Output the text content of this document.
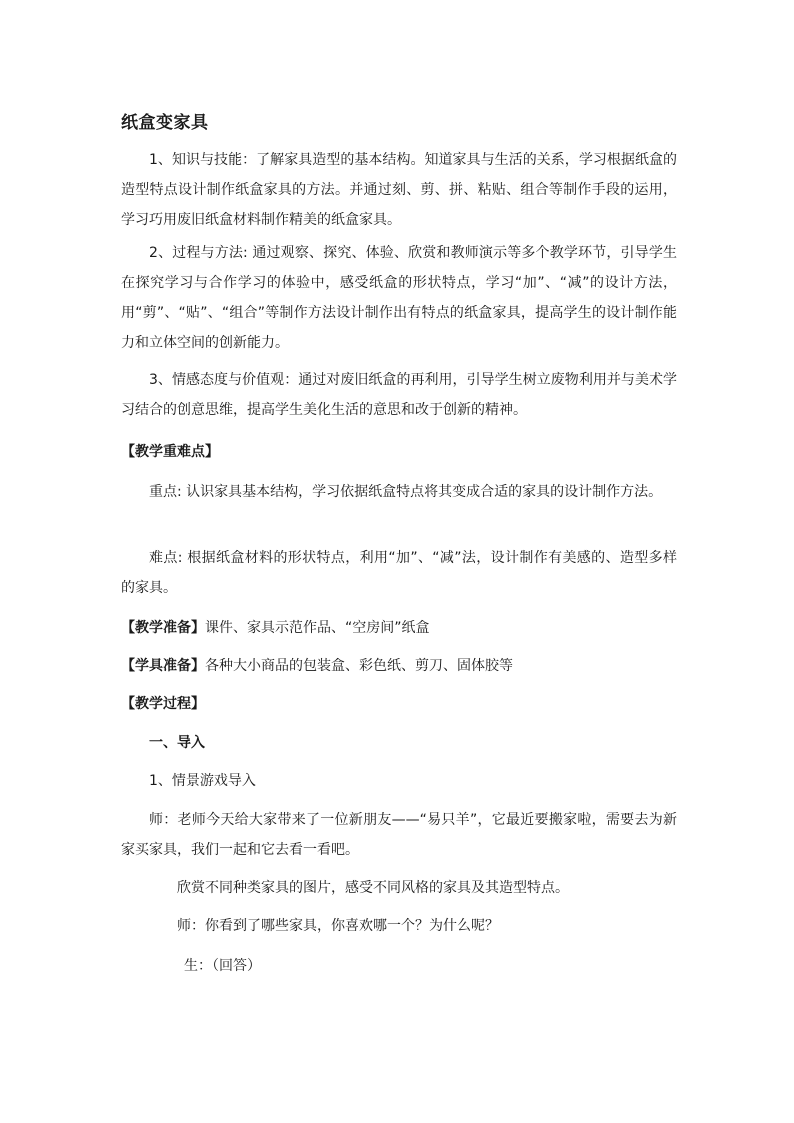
纸盒变家具

1、知识与技能：了解家具造型的基本结构。知道家具与生活的关系，学习根据纸盒的造型特点设计制作纸盒家具的方法。并通过刻、剪、拼、粘贴、组合等制作手段的运用，学习巧用废旧纸盒材料制作精美的纸盒家具。

2、过程与方法: 通过观察、探究、体验、欣赏和教师演示等多个教学环节，引导学生在探究学习与合作学习的体验中，感受纸盒的形状特点，学习“加”、“减”的设计方法，用“剪”、“贴”、“组合”等制作方法设计制作出有特点的纸盒家具，提高学生的设计制作能力和立体空间的创新能力。

3、情感态度与价值观：通过对废旧纸盒的再利用，引导学生树立废物利用并与美术学习结合的创意思维，提高学生美化生活的意思和改于创新的精神。

【教学重难点】

重点: 认识家具基本结构，学习依据纸盒特点将其变成合适的家具的设计制作方法。

难点: 根据纸盒材料的形状特点，利用“加”、“减”法，设计制作有美感的、造型多样的家具。

【教学准备】课件、家具示范作品、“空房间”纸盒
【学具准备】各种大小商品的包装盒、彩色纸、剪刀、固体胶等
【教学过程】
一、导入
1、情景游戏导入

师：老师今天给大家带来了一位新朋友——“易只羊”，它最近要搬家啦，需要去为新家买家具，我们一起和它去看一看吧。

欣赏不同种类家具的图片，感受不同风格的家具及其造型特点。
师：你看到了哪些家具，你喜欢哪一个？为什么呢？
生：（回答）
